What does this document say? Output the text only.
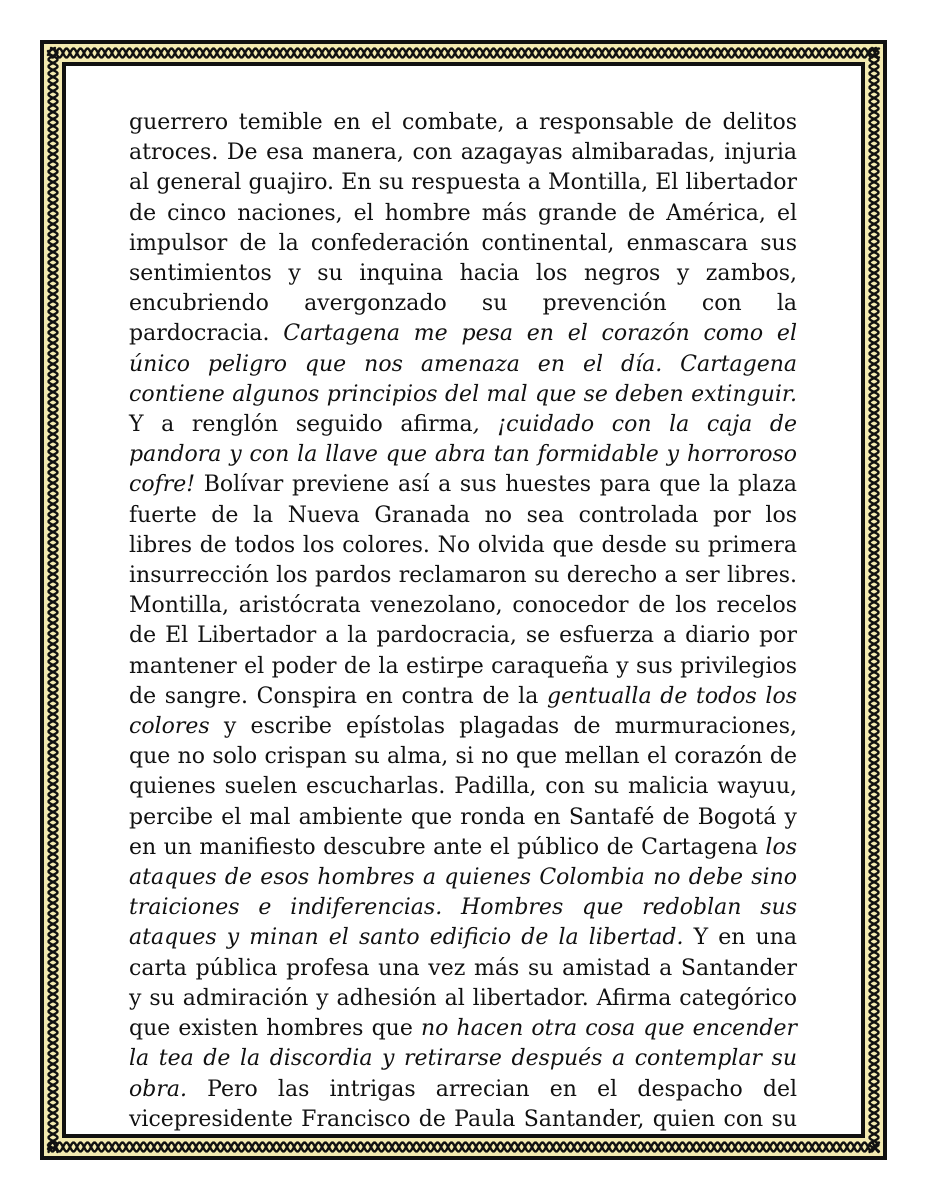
guerrero temible en el combate, a responsable de delitos atroces. De esa manera, con azagayas almibaradas, injuria al general guajiro. En su respuesta a Montilla, El libertador de cinco naciones, el hombre más grande de América, el impulsor de la confederación continental, enmascara sus sentimientos y su inquina hacia los negros y zambos, encubriendo avergonzado su prevención con la pardocracia. Cartagena me pesa en el corazón como el único peligro que nos amenaza en el día. Cartagena contiene algunos principios del mal que se deben extinguir. Y a renglón seguido afirma, ¡cuidado con la caja de pandora y con la llave que abra tan formidable y horroroso cofre! Bolívar previene así a sus huestes para que la plaza fuerte de la Nueva Granada no sea controlada por los libres de todos los colores. No olvida que desde su primera insurrección los pardos reclamaron su derecho a ser libres. Montilla, aristócrata venezolano, conocedor de los recelos de El Libertador a la pardocracia, se esfuerza a diario por mantener el poder de la estirpe caraqueña y sus privilegios de sangre. Conspira en contra de la gentualla de todos los colores y escribe epístolas plagadas de murmuraciones, que no solo crispan su alma, si no que mellan el corazón de quienes suelen escucharlas. Padilla, con su malicia wayuu, percibe el mal ambiente que ronda en Santafé de Bogotá y en un manifiesto descubre ante el público de Cartagena los ataques de esos hombres a quienes Colombia no debe sino traiciones e indiferencias. Hombres que redoblan sus ataques y minan el santo edificio de la libertad. Y en una carta pública profesa una vez más su amistad a Santander y su admiración y adhesión al libertador. Afirma categórico que existen hombres que no hacen otra cosa que encender la tea de la discordia y retirarse después a contemplar su obra. Pero las intrigas arrecian en el despacho del vicepresidente Francisco de Paula Santander, quien con su
